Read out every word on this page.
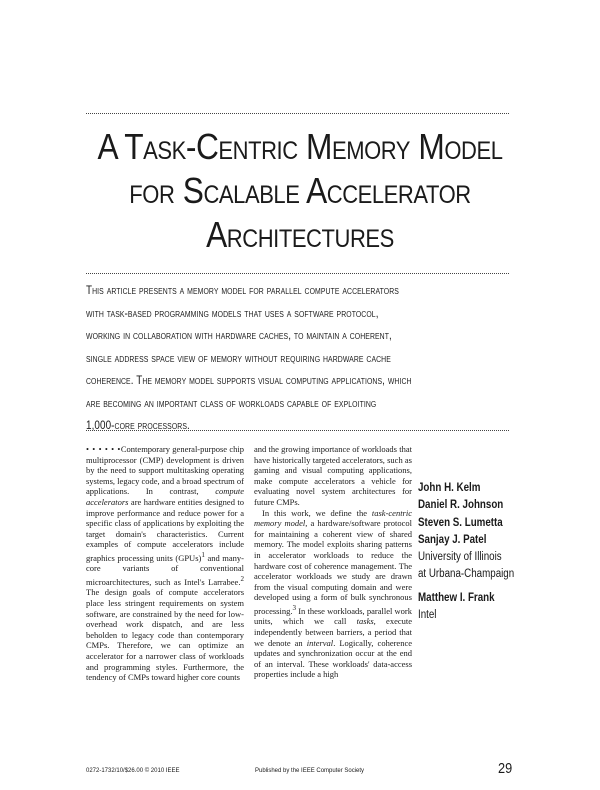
A Task-Centric Memory Model
for Scalable Accelerator
Architectures
This article presents a memory model for parallel compute accelerators
with task-based programming models that uses a software protocol,
working in collaboration with hardware caches, to maintain a coherent,
single address space view of memory without requiring hardware cache
coherence. The memory model supports visual computing applications, which
are becoming an important class of workloads capable of exploiting
1,000-core processors.

• • • • • •Contemporary general-purpose chip multiprocessor (CMP) development is driven by the need to support multitasking operating systems, legacy code, and a broad spectrum of applications. In contrast, compute accelerators are hardware entities designed to improve performance and reduce power for a specific class of applications by exploiting the target domain's characteristics. Current examples of compute accelerators include graphics processing units (GPUs)$^1$ and many-core variants of conventional microarchitectures, such as Intel's Larrabee.$^2$ The design goals of compute accelerators place less stringent requirements on system software, are constrained by the need for low-overhead work dispatch, and are less beholden to legacy code than contemporary CMPs. Therefore, we can optimize an accelerator for a narrower class of workloads and programming styles. Furthermore, the tendency of CMPs toward higher core counts

and the growing importance of workloads that have historically targeted accelerators, such as gaming and visual computing applications, make compute accelerators a vehicle for evaluating novel system architectures for future CMPs.

In this work, we define the task-centric memory model, a hardware/software protocol for maintaining a coherent view of shared memory. The model exploits sharing patterns in accelerator workloads to reduce the hardware cost of coherence management. The accelerator workloads we study are drawn from the visual computing domain and were developed using a form of bulk synchronous processing.$^3$ In these workloads, parallel work units, which we call tasks, execute independently between barriers, a period that we denote an interval. Logically, coherence updates and synchronization occur at the end of an interval. These workloads' data-access properties include a high

John H. Kelm
Daniel R. Johnson
Steven S. Lumetta
Sanjay J. Patel
University of Illinois
at Urbana-Champaign
Matthew I. Frank
Intel
0272-1732/10/$26.00 © 2010 IEEE	Published by the IEEE Computer Society	29
